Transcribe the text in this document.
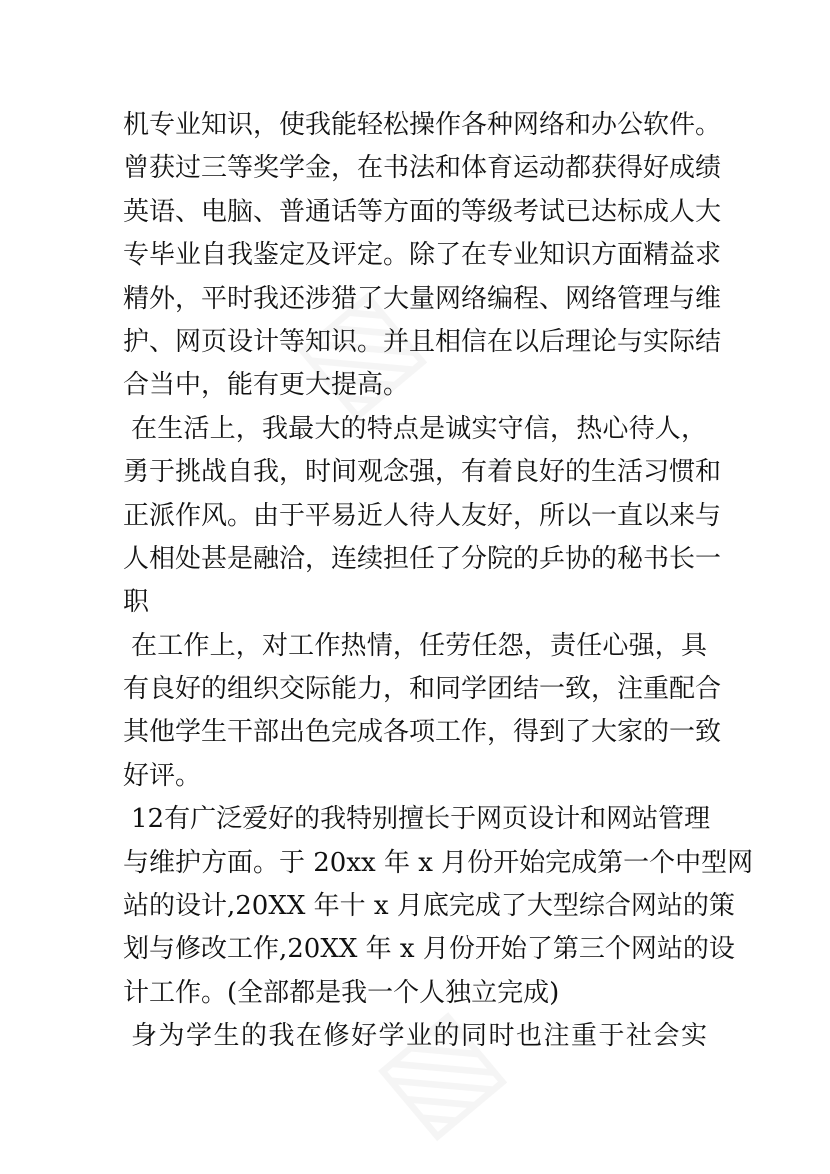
机专业知识，使我能轻松操作各种网络和办公软件。
曾获过三等奖学金，在书法和体育运动都获得好成绩
英语、电脑、普通话等方面的等级考试已达标成人大
专毕业自我鉴定及评定。除了在专业知识方面精益求
精外，平时我还涉猎了大量网络编程、网络管理与维
护、网页设计等知识。并且相信在以后理论与实际结
合当中，能有更大提高。
在生活上，我最大的特点是诚实守信，热心待人，
勇于挑战自我，时间观念强，有着良好的生活习惯和
正派作风。由于平易近人待人友好，所以一直以来与
人相处甚是融洽，连续担任了分院的乒协的秘书长一
职
在工作上，对工作热情，任劳任怨，责任心强，具
有良好的组织交际能力，和同学团结一致，注重配合
其他学生干部出色完成各项工作，得到了大家的一致
好评。
12有广泛爱好的我特别擅长于网页设计和网站管理
与维护方面。于 20xx 年 x 月份开始完成第一个中型网
站的设计,20XX 年十 x 月底完成了大型综合网站的策
划与修改工作,20XX 年 x 月份开始了第三个网站的设
计工作。(全部都是我一个人独立完成)
身为学生的我在修好学业的同时也注重于社会实
